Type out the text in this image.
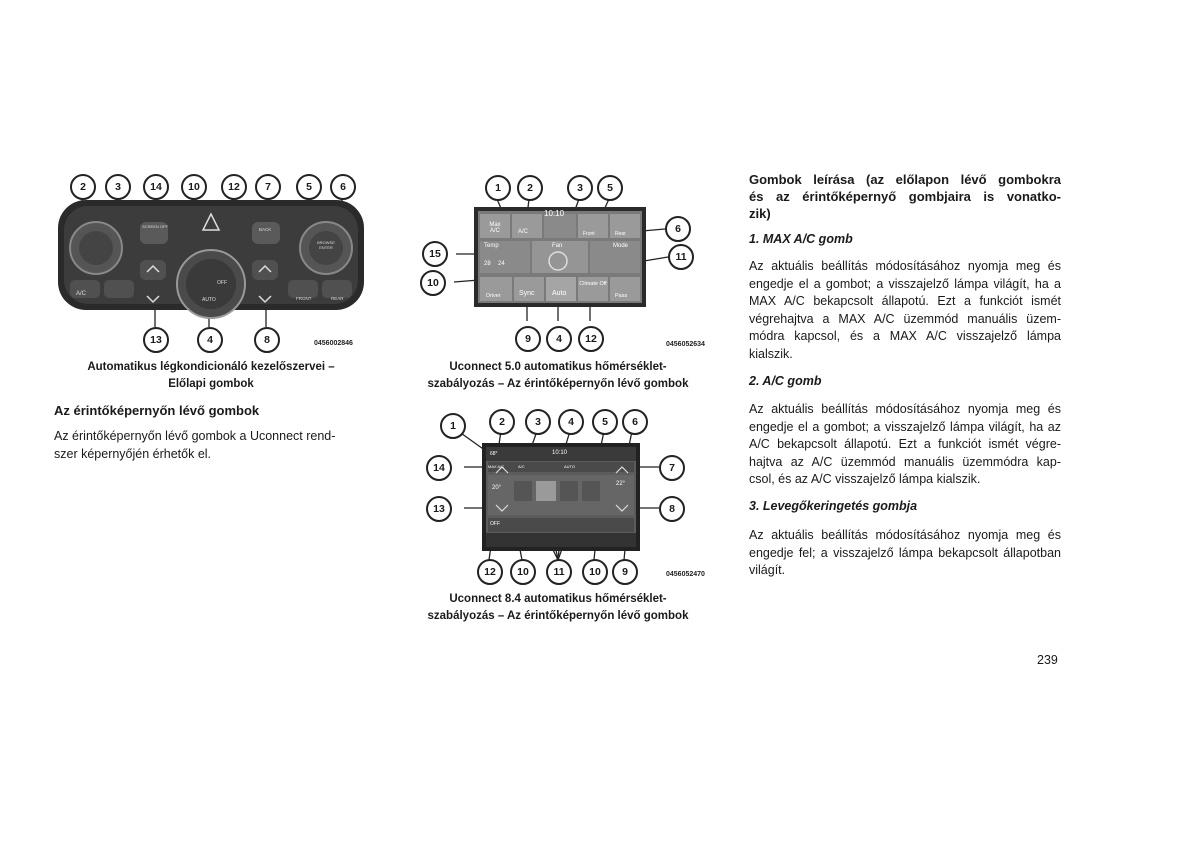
A/C
AUTO
OFF
FRONT	REAR
SCREEN OFF
BACK
BROWSE ENTER
2	3	14	10	12	7	5	6
13	4	8	0456002846
Automatikus légkondicionáló kezelőszervei –
Előlapi gombok
Az érintőképernyőn lévő gombok
Az érintőképernyőn lévő gombok a Uconnect rend-
szer képernyőjén érhetők el.
Max A/C	A/C
10:10
Front	Rear
Temp
28 24
Fan	Mode
Driver	Sync Auto
Climate Off
Pass
1	2	3	5
6
15	11
10
9	4	12	0456052634
Uconnect 5.0 automatikus hőmérséklet-
szabályozás – Az érintőképernyőn lévő gombok
68°
MAX A/C	A/C	AUTO
10:10
20°
22°
OFF
1	2	3	4	5	6
14	7
13	8
12	10	11	10	9	0456052470
Uconnect 8.4 automatikus hőmérséklet-
szabályozás – Az érintőképernyőn lévő gombok
Gombok leírása (az előlapon lévő gombokra
és az érintőképernyő gombjaira is vonatko-
zik)
1. MAX A/C gomb
Az aktuális beállítás módosításához nyomja meg és
engedje el a gombot; a visszajelző lámpa világít, ha a
MAX A/C bekapcsolt állapotú. Ezt a funkciót ismét
végrehajtva a MAX A/C üzemmód manuális üzem-
módra kapcsol, és a MAX A/C visszajelző lámpa
kialszik.
2. A/C gomb
Az aktuális beállítás módosításához nyomja meg és
engedje el a gombot; a visszajelző lámpa világít, ha az
A/C bekapcsolt állapotú. Ezt a funkciót ismét végre-
hajtva az A/C üzemmód manuális üzemmódra kap-
csol, és az A/C visszajelző lámpa kialszik.
3. Levegőkeringetés gombja
Az aktuális beállítás módosításához nyomja meg és
engedje fel; a visszajelző lámpa bekapcsolt állapotban
világít.
239
